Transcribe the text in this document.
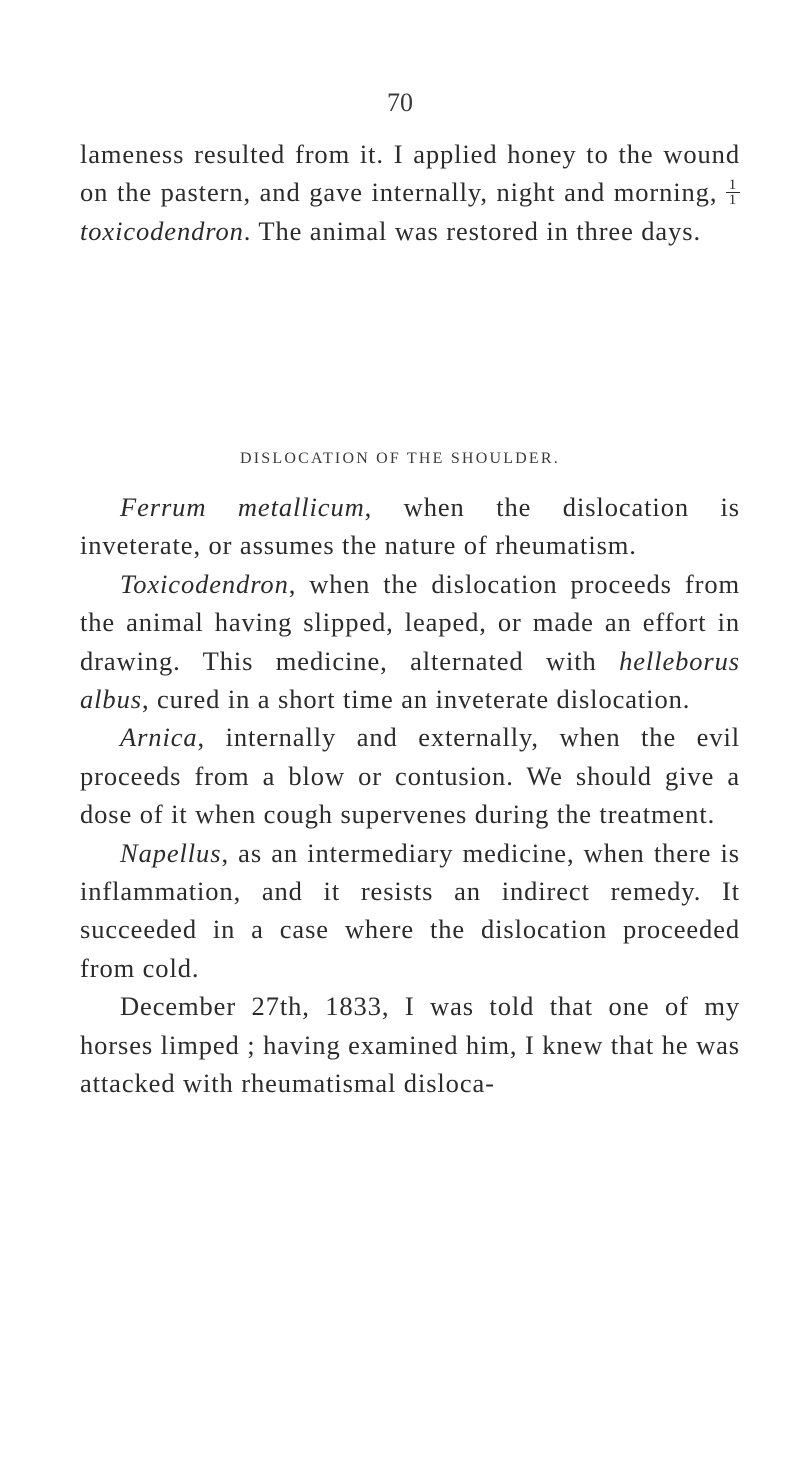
70

lameness resulted from it. I applied honey to the wound on the pastern, and gave internally, night and morning, $\frac{1}{1}$
toxicodendron. The animal was restored in three days.

DISLOCATION OF THE SHOULDER.

Ferrum metallicum, when the dislocation is inveterate, or assumes the nature of rheumatism.

Toxicodendron, when the dislocation proceeds from the animal having slipped, leaped, or made an effort in drawing. This medicine, alternated with helleborus albus, cured in a short time an inveterate dislocation.

Arnica, internally and externally, when the evil proceeds from a blow or contusion. We should give a dose of it when cough supervenes during the treatment.

Napellus, as an intermediary medicine, when there is inflammation, and it resists an indirect remedy. It succeeded in a case where the dislocation proceeded from cold.

December 27th, 1833, I was told that one of my horses limped ; having examined him, I knew that he was attacked with rheumatismal disloca-
